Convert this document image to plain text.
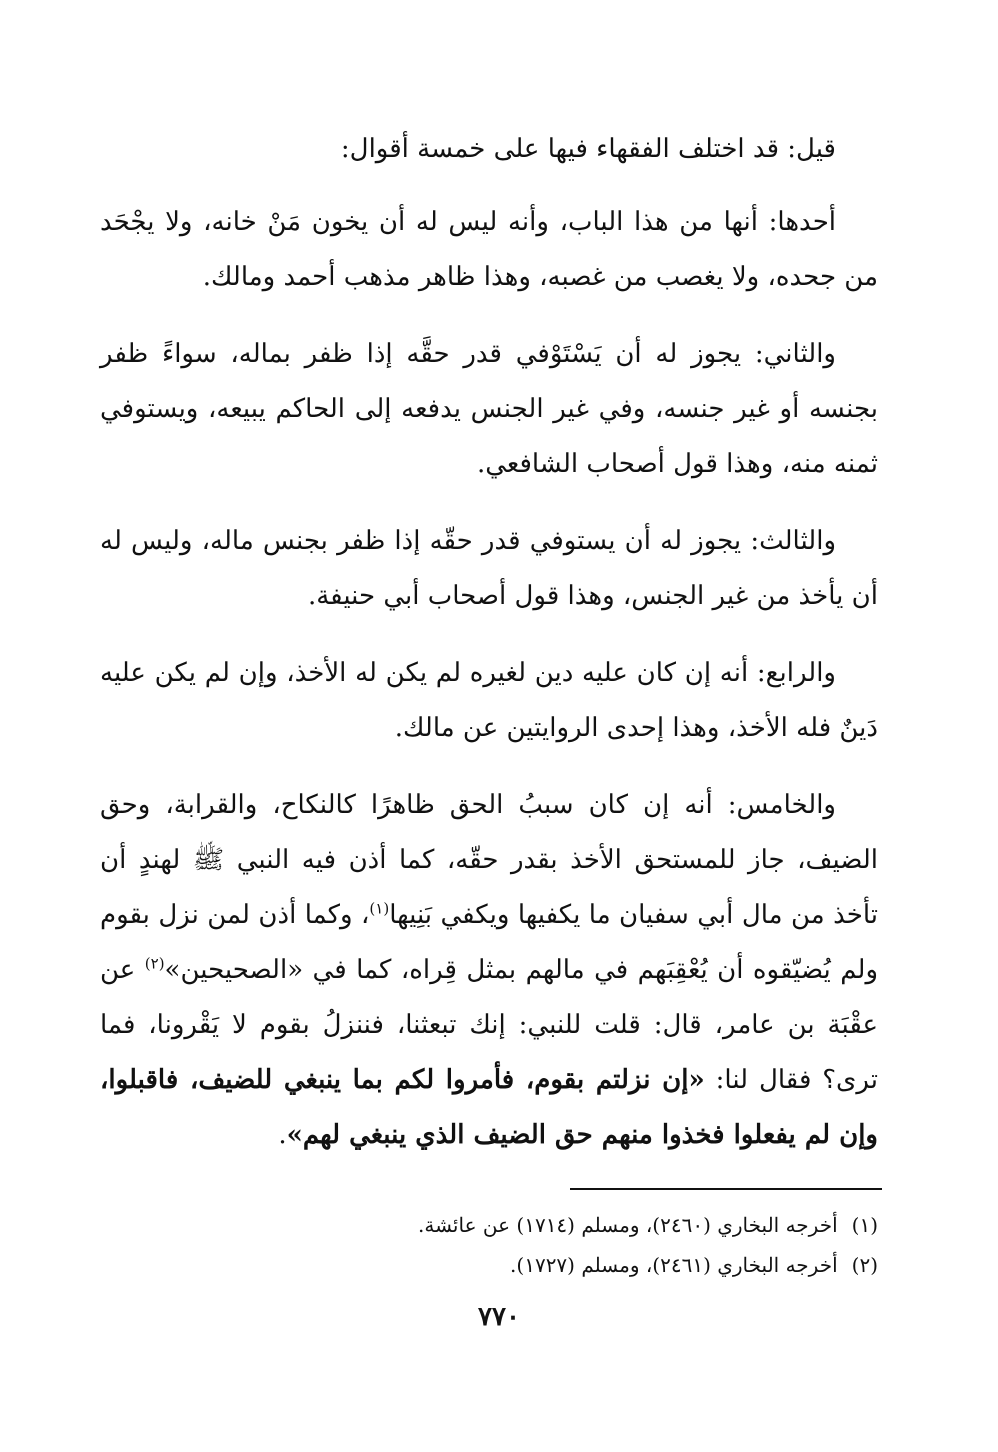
قيل: قد اختلف الفقهاء فيها على خمسة أقوال:

أحدها: أنها من هذا الباب، وأنه ليس له أن يخون مَنْ خانه، ولا يجْحَد من جحده، ولا يغصب من غصبه، وهذا ظاهر مذهب أحمد ومالك.

والثاني: يجوز له أن يَسْتَوْفي قدر حقَّه إذا ظفر بماله، سواءً ظفر بجنسه أو غير جنسه، وفي غير الجنس يدفعه إلى الحاكم يبيعه، ويستوفي ثمنه منه، وهذا قول أصحاب الشافعي.

والثالث: يجوز له أن يستوفي قدر حقّه إذا ظفر بجنس ماله، وليس له أن يأخذ من غير الجنس، وهذا قول أصحاب أبي حنيفة.

والرابع: أنه إن كان عليه دين لغيره لم يكن له الأخذ، وإن لم يكن عليه دَينٌ فله الأخذ، وهذا إحدى الروايتين عن مالك.

والخامس: أنه إن كان سببُ الحق ظاهرًا كالنكاح، والقرابة، وحق الضيف، جاز للمستحق الأخذ بقدر حقّه، كما أذن فيه النبي ﷺ لهندٍ أن تأخذ من مال أبي سفيان ما يكفيها ويكفي بَنِيها$^{(١)}$، وكما أذن لمن نزل بقوم ولم يُضيّقوه أن يُعْقِبَهم في مالهم بمثل قِراه، كما في «الصحيحين»$^{(٢)}$ عن عقْبَة بن عامر، قال: قلت للنبي: إنك تبعثنا، فننزلُ بقوم لا يَقْرونا، فما ترى؟ فقال لنا: «إن نزلتم بقوم، فأمروا لكم بما ينبغي للضيف، فاقبلوا، وإن لم يفعلوا فخذوا منهم حق الضيف الذي ينبغي لهم».

(١)أخرجه البخاري (٢٤٦٠)، ومسلم (١٧١٤) عن عائشة.
(٢)أخرجه البخاري (٢٤٦١)، ومسلم (١٧٢٧).
٧٧٠
